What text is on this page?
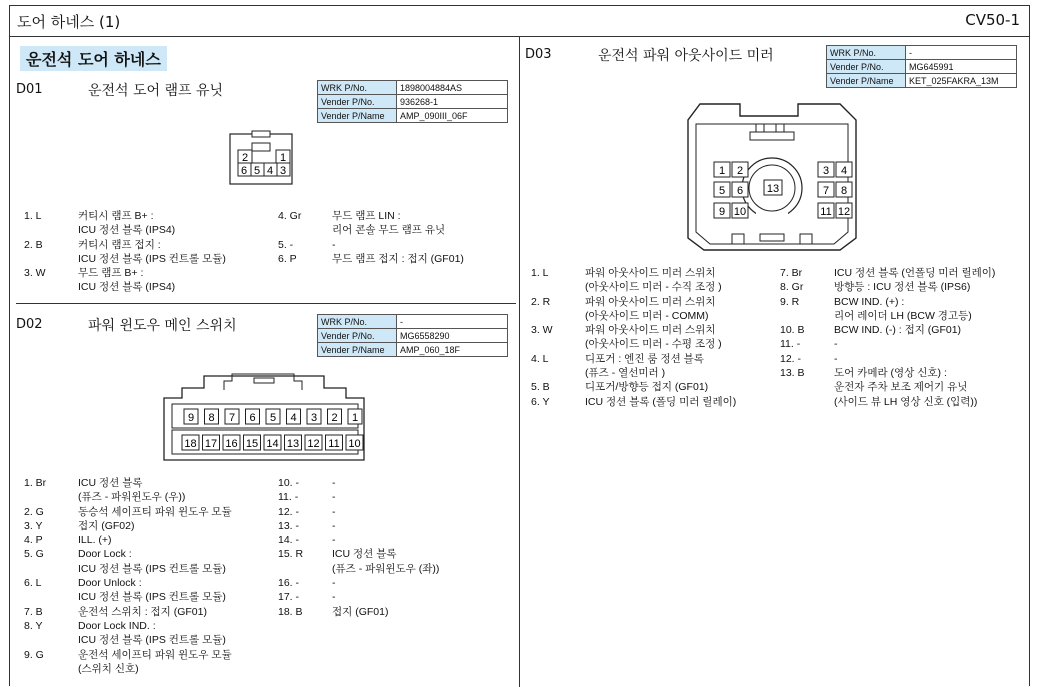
도어 하네스 (1)	CV50-1
운전석 도어 하네스
D01	운전석 도어 램프 유닛	WRK P/No.	1898004884AS
Vender P/No.	936268-1
Vender P/Name	AMP_090III_06F
2	1
6 5 4 3
1. L	커티시 램프 B+ :
ICU 정션 블록 (IPS4)
2. B	커티시 램프 접지 :
ICU 정션 블록 (IPS 컨트롤 모듈)
3. W	무드 램프 B+ :
ICU 정션 블록 (IPS4)
4. Gr	무드 램프 LIN :
리어 콘솔 무드 램프 유닛
5. -	-
6. P	무드 램프 접지 : 접지 (GF01)
D02	파워 윈도우 메인 스위치	WRK P/No.	-
Vender P/No.	MG6558290
Vender P/Name	AMP_060_18F
9 8 7 6 5 4 3 2 1
18 17 16 15 14 13 12 11 10
1. Br	ICU 정션 블록
(퓨즈 - 파워윈도우 (우))
2. G	동승석 세이프티 파워 윈도우 모듈
3. Y	접지 (GF02)
4. P	ILL. (+)
5. G	Door Lock :
ICU 정션 블록 (IPS 컨트롤 모듈)
6. L	Door Unlock :
ICU 정션 블록 (IPS 컨트롤 모듈)
7. B	운전석 스위치 : 접지 (GF01)
8. Y	Door Lock IND. :
ICU 정션 블록 (IPS 컨트롤 모듈)
9. G	운전석 세이프티 파워 윈도우 모듈
(스위치 신호)
10. -	-
11. -	-
12. -	-
13. -	-
14. -	-
15. R	ICU 정션 블록
(퓨즈 - 파워윈도우 (좌))
16. -	-
17. -	-
18. B	접지 (GF01)
D03	운전석 파워 아웃사이드 미러	WRK P/No.	-
Vender P/No.	MG645991
Vender P/Name	KET_025FAKRA_13M
1 2	3 4
5 6	7 8
9 10	11 12
13
1. L	파워 아웃사이드 미러 스위치
(아웃사이드 미러 - 수직 조정 )
2. R	파워 아웃사이드 미러 스위치
(아웃사이드 미러 - COMM)
3. W	파워 아웃사이드 미러 스위치
(아웃사이드 미러 - 수평 조정 )
4. L	디포거 : 엔진 룸 정션 블록
(퓨즈 - 열선미러 )
5. B	디포거/방향등 접지 (GF01)
6. Y	ICU 정션 블록 (폴딩 미러 릴레이)
7. Br	ICU 정션 블록 (언폴딩 미러 릴레이)
8. Gr	방향등 : ICU 정션 블록 (IPS6)
9. R	BCW IND. (+) :
리어 레이더 LH (BCW 경고등)
10. B	BCW IND. (-) : 접지 (GF01)
11. -	-
12. -	-
13. B	도어 카메라 (영상 신호) :
운전자 주차 보조 제어기 유닛
(사이드 뷰 LH 영상 신호 (입력))
